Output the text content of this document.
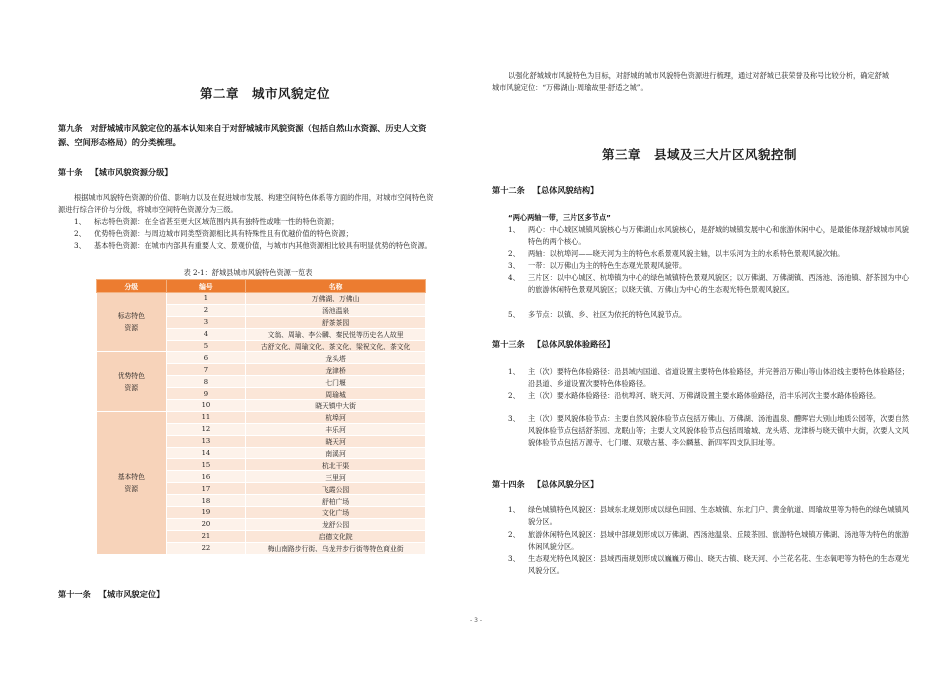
第二章　城市风貌定位
第九条 对舒城城市风貌定位的基本认知来自于对舒城城市风貌资源（包括自然山水资源、历史人文资源、空间形态格局）的分类梳理。
第十条 【城市风貌资源分级】
根据城市风貌特色资源的价值、影响力以及在促进城市发展、构建空间特色体系等方面的作用，对城市空间特色资源进行综合评价与分级，将城市空间特色资源分为三级。
1、 标志特色资源：在全省甚至更大区域范围内具有独特性或唯一性的特色资源；
2、 优势特色资源：与周边城市同类型资源相比具有特殊性且有优越价值的特色资源；
3、 基本特色资源：在城市内部具有重要人文、景观价值，与城市内其他资源相比较具有明显优势的特色资源。
表 2-1：舒城县城市风貌特色资源一览表
分级	编号	名称
标志特色
资源	1	万佛湖、万佛山
	2	汤池温泉
	3	舒茶茶园
	4	文翁、周瑜、李公麟、秦民悦等历史名人故里
	5	古舒文化、周瑜文化、茶文化、梁祝文化、茶文化
优势特色
资源	6	龙头塔
	7	龙津桥
	8	七门堰
	9	周瑜城
	10	晓天镇中大街
基本特色
资源	11	杭埠河
	12	丰乐河
	13	晓天河
	14	南溪河
	15	杭北干渠
	16	三里河
	17	飞霞公园
	18	舒柏广场
	19	文化广场
	20	龙舒公园
	21	启德文化院
	22	梅山南路步行街、乌龙井步行街等特色商业街
第十一条 【城市风貌定位】
以强化舒城城市风貌特色为目标，对舒城的城市风貌特色资源进行梳理，通过对舒城已获荣誉及称号比较分析，确定舒城城市风貌定位：“万佛湖山·周瑜故里·舒适之城”。
第三章　县域及三大片区风貌控制
第十二条 【总体风貌结构】
“两心两轴一带，三片区多节点”
1、 两心：中心城区城镇风貌核心与万佛湖山水风貌核心，是舒城的城镇发展中心和旅游休闲中心，是最能体现舒城城市风貌特色的两个核心。
2、 两轴：以杭埠河——晓天河为主的特色水系景观风貌主轴，以丰乐河为主的水系特色景观风貌次轴。
3、 一带：以万佛山为主的特色生态观光景观风貌带。
4、 三片区：以中心城区、杭埠镇为中心的绿色城镇特色景观风貌区；以万佛湖、万佛湖镇、西汤池、汤池镇、舒茶园为中心的旅游休闲特色景观风貌区；以晓天镇、万佛山为中心的生态观光特色景观风貌区。
5、 多节点：以镇、乡、社区为依托的特色风貌节点。
第十三条 【总体风貌体验路径】
1、 主（次）要特色体验路径：沿县域内国道、省道设置主要特色体验路径，并完善沿万佛山等山体沿线主要特色体验路径；沿县道、乡道设置次要特色体验路径。
2、 主（次）要水路体验路径：沿杭埠河、晓天河、万佛湖设置主要水路体验路径，沿丰乐河次主要水路体验路径。
3、 主（次）要风貌体验节点：主要自然风貌体验节点包括万佛山、万佛湖、汤池温泉、醴晖岩大别山地质公园等，次要自然风貌体验节点包括舒茶园、龙眠山等；主要人文风貌体验节点包括周瑜城、龙头塔、龙津桥与晓天镇中大街，次要人文风貌体验节点包括万源寺、七门堰、双墩古墓、李公麟墓、新四军四支队旧址等。
第十四条 【总体风貌分区】
1、 绿色城镇特色风貌区：县域东北规划形成以绿色田园、生态城镇、东北门户、黄金航道、周瑜故里等为特色的绿色城镇风貌分区。
2、 旅游休闲特色风貌区：县域中部规划形成以万佛湖、西汤池温泉、丘陵茶园、旅游特色城镇万佛湖、汤池等为特色的旅游休闲风貌分区。
3、 生态观光特色风貌区：县域西南规划形成以巍巍万佛山、晓天古镇、晓天河、小兰花名花、生态氧吧等为特色的生态观光风貌分区。
- 3 -
